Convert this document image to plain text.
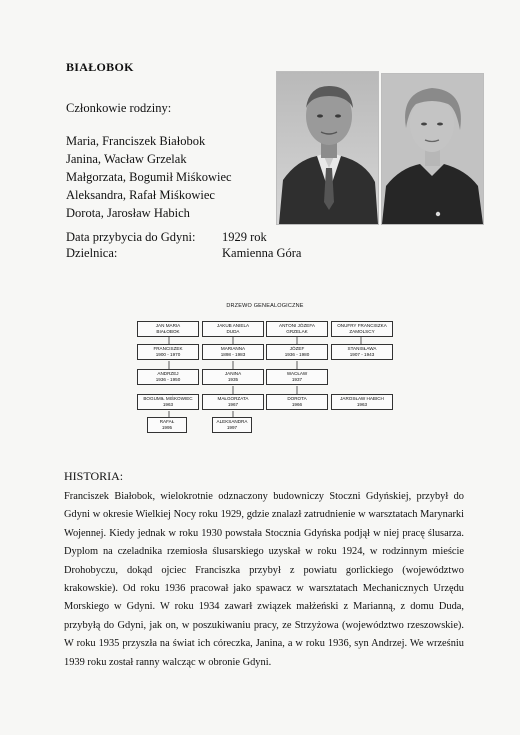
BIAŁOBOK
Członkowie rodziny:
Maria, Franciszek Białobok
Janina, Wacław Grzelak
Małgorzata, Bogumił Miśkowiec
Aleksandra, Rafał Miśkowiec
Dorota, Jarosław Habich
Data przybycia do Gdyni: 1929 rok
Dzielnica:	Kamienna Góra
DRZEWO GENEALOGICZNE
JAN MARIA
BIAŁOBOK
JAKUB ANIELA
DUDA
ANTONI JÓZEFA
GRZELAK
ONUFRY FRANCISZKA
ZAMOLSCY
FRANCISZEK
1900 - 1970
MARIANNA
1898 - 1983
JÓZEF
1936 - 1980
STANISŁAWA
1907 - 1943
ANDRZEJ
1936 - 1950
JANINA
1935
WACŁAW
1937
BOGUMIŁ MIŚKOWIEC
1963
MAŁGORZATA
1967
DOROTA
1966
JAROSŁAW HABICH
1963
RAFAŁ
1995
ALEKSANDRA
1997
HISTORIA:
Franciszek Białobok, wielokrotnie odznaczony budowniczy Stoczni Gdyńskiej, przybył do Gdyni w okresie Wielkiej Nocy roku 1929, gdzie znalazł zatrudnienie w warsztatach Marynarki Wojennej. Kiedy jednak w roku 1930 powstała Stocznia Gdyńska podjął w niej pracę ślusarza. Dyplom na czeladnika rzemiosła ślusarskiego uzyskał w roku 1924, w rodzinnym mieście Drohobyczu, dokąd ojciec Franciszka przybył z powiatu gorlickiego (województwo krakowskie). Od roku 1936 pracował jako spawacz w warsztatach Mechanicznych Urzędu Morskiego w Gdyni. W roku 1934 zawarł związek małżeński z Marianną, z domu Duda, przybyłą do Gdyni, jak on, w poszukiwaniu pracy, ze Strzyżowa (województwo rzeszowskie). W roku 1935 przyszła na świat ich córeczka, Janina, a w roku 1936, syn Andrzej. We wrześniu 1939 roku został ranny walcząc w obronie Gdyni.
